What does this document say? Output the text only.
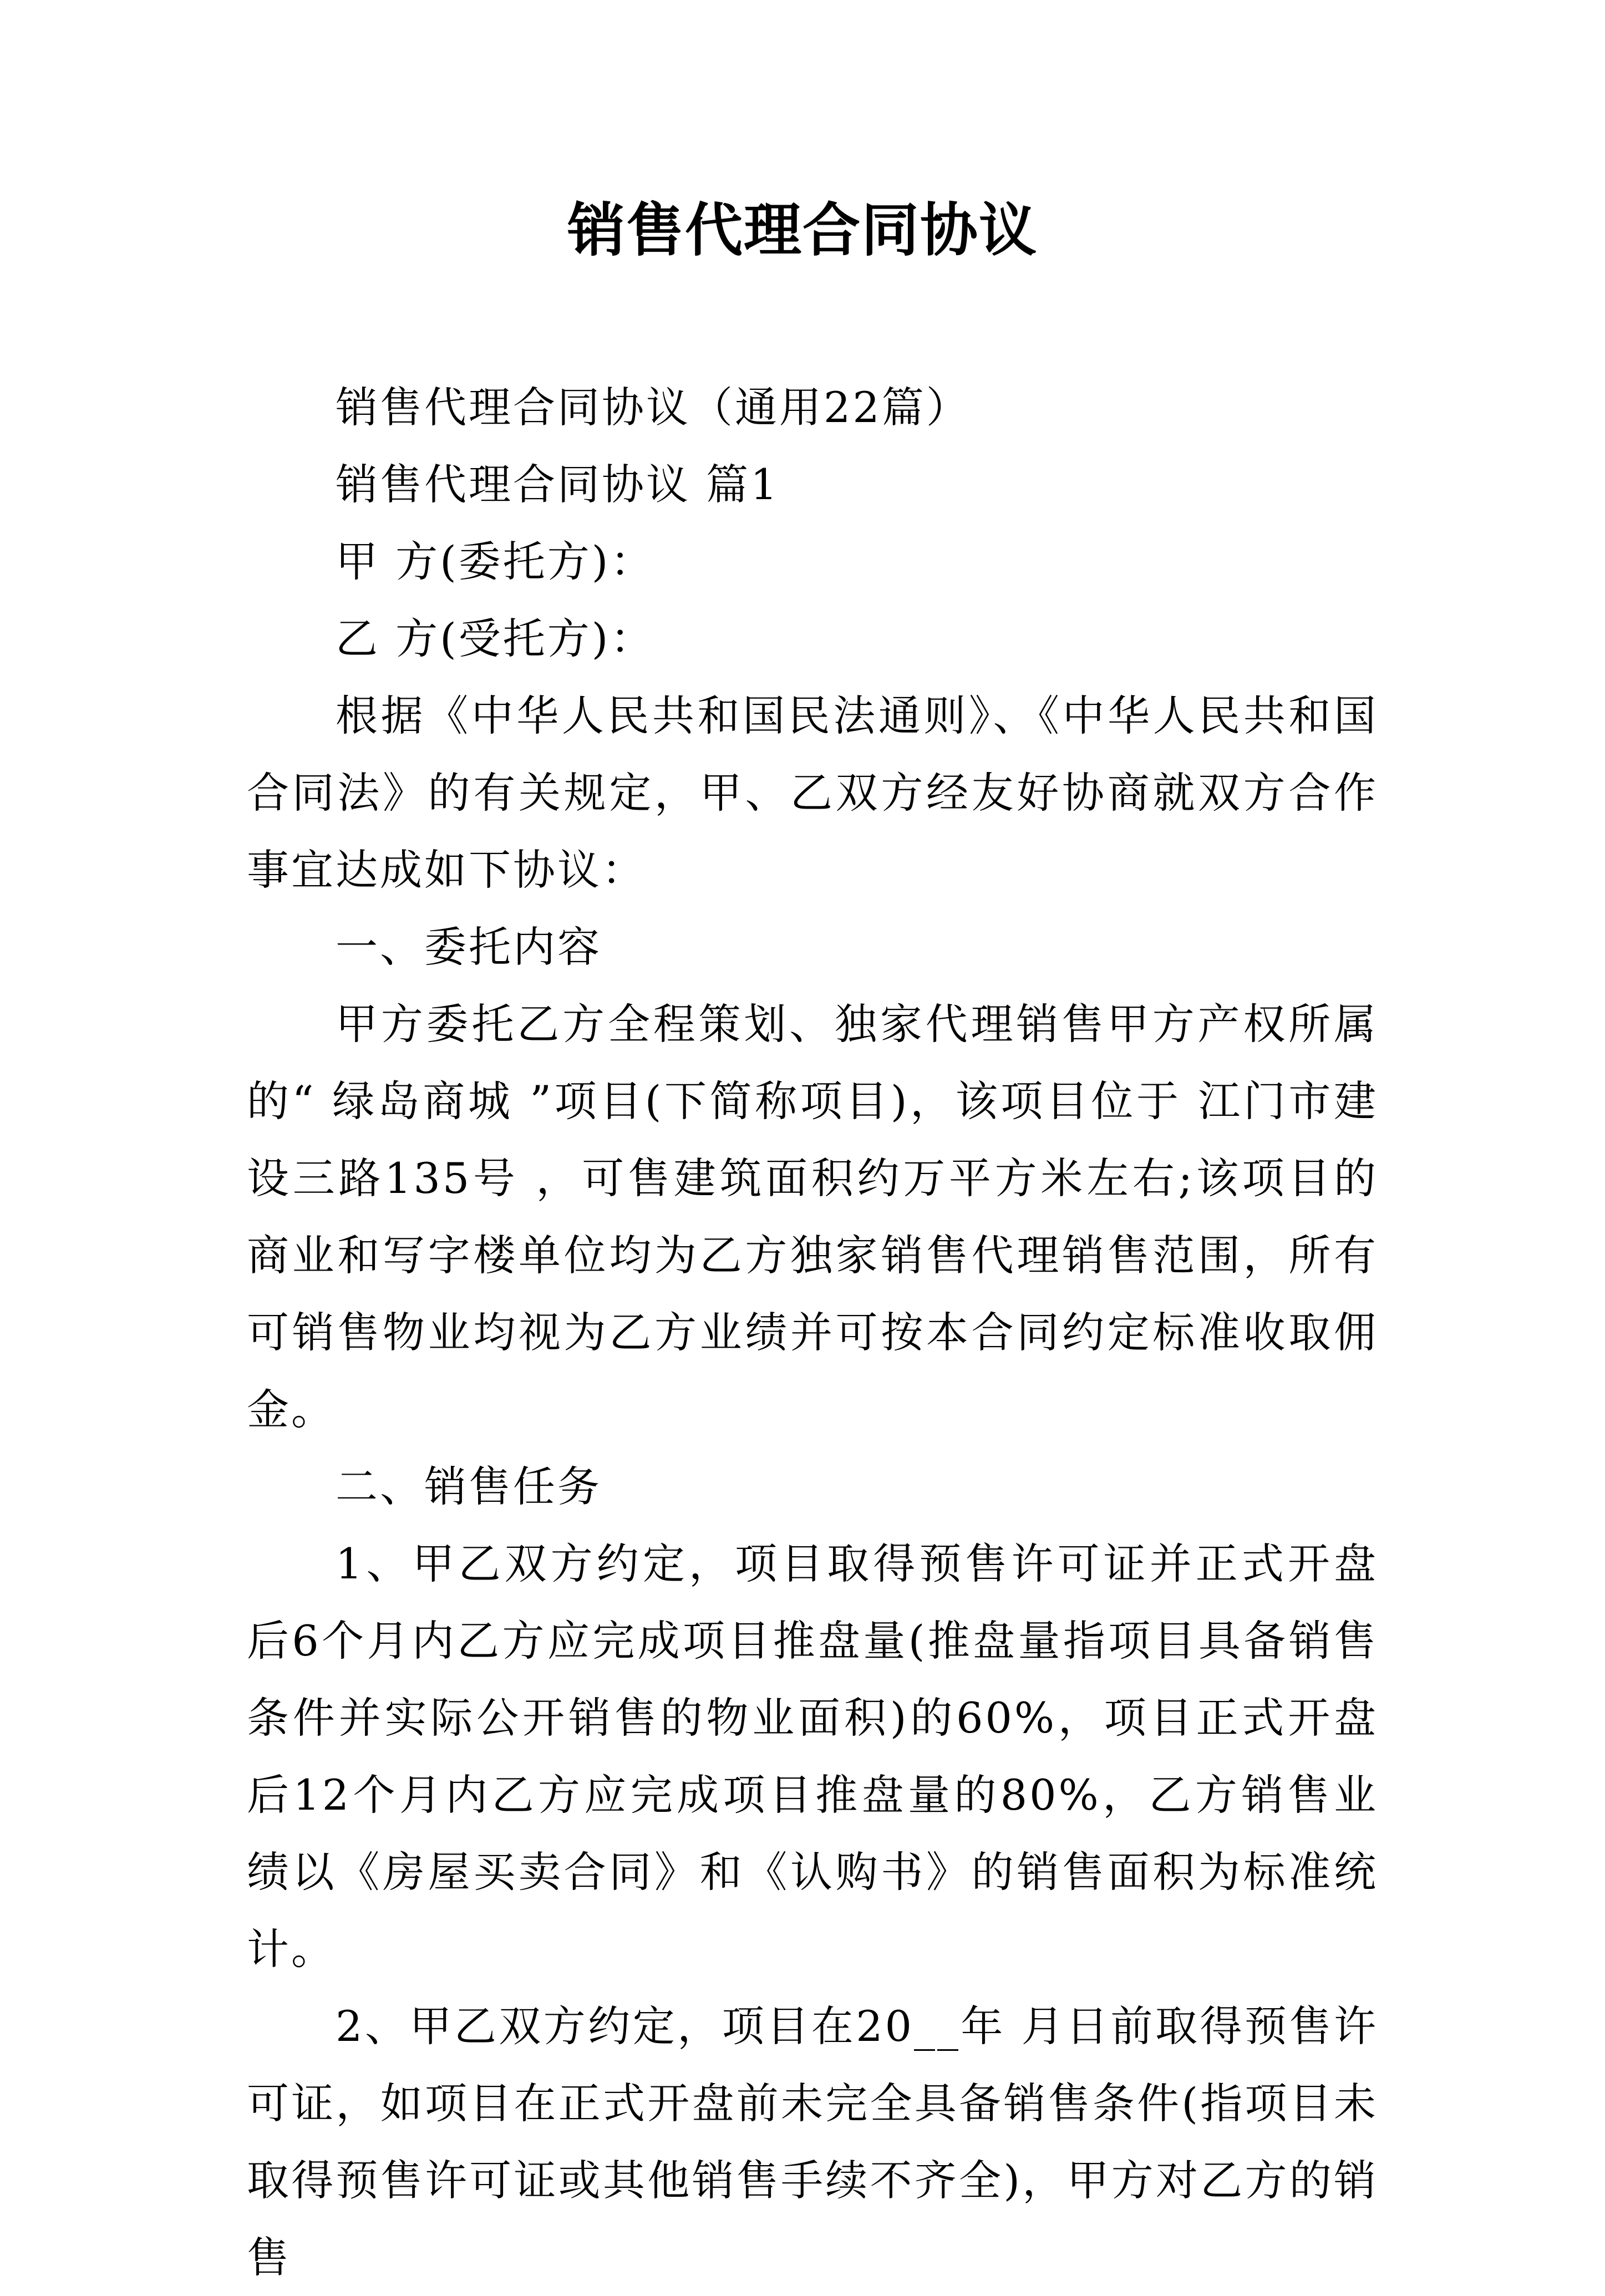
销售代理合同协议

销售代理合同协议（通用22篇）

销售代理合同协议 篇1

甲 方(委托方)：

乙 方(受托方)：

根据《中华人民共和国民法通则》、《中华人民共和国合同法》的有关规定，甲、乙双方经友好协商就双方合作事宜达成如下协议：

一、委托内容

甲方委托乙方全程策划、独家代理销售甲方产权所属的“ 绿岛商城 ”项目(下简称项目)，该项目位于 江门市建设三路135号 ，可售建筑面积约万平方米左右;该项目的商业和写字楼单位均为乙方独家销售代理销售范围，所有可销售物业均视为乙方业绩并可按本合同约定标准收取佣金。

二、销售任务

1、甲乙双方约定，项目取得预售许可证并正式开盘后6个月内乙方应完成项目推盘量(推盘量指项目具备销售条件并实际公开销售的物业面积)的60%，项目正式开盘后12个月内乙方应完成项目推盘量的80%，乙方销售业绩以《房屋买卖合同》和《认购书》的销售面积为标准统计。

2、甲乙双方约定，项目在20__年 月日前取得预售许可证，如项目在正式开盘前未完全具备销售条件(指项目未取得预售许可证或其他销售手续不齐全)，甲方对乙方的销售
